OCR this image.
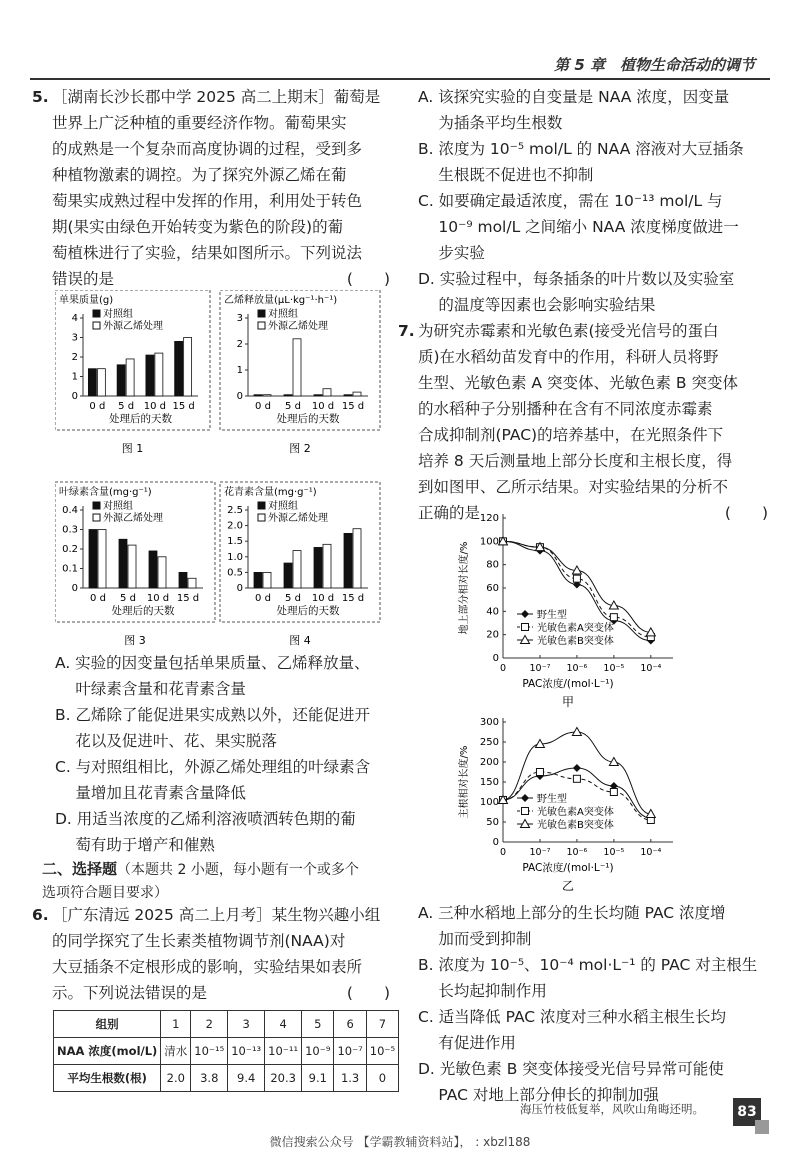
第 5 章　植物生命活动的调节
5. ［湖南长沙长郡中学 2025 高二上期末］葡萄是
世界上广泛种植的重要经济作物。葡萄果实
的成熟是一个复杂而高度协调的过程，受到多
种植物激素的调控。为了探究外源乙烯在葡
萄果实成熟过程中发挥的作用，利用处于转色
期(果实由绿色开始转变为紫色的阶段)的葡
萄植株进行了实验，结果如图所示。下列说法
错误的是	(　　)
单果质量(g)
0
1
2
3
4
0 d 5 d 10 d 15 d
处理后的天数
对照组
外源乙烯处理
图 1
乙烯释放量(μL·kg⁻¹·h⁻¹)
0
1
2
3
0 d 5 d 10 d 15 d
处理后的天数
对照组
外源乙烯处理
图 2
叶绿素含量(mg·g⁻¹)
0
0.1
0.2
0.3
0.4
0 d 5 d 10 d 15 d
处理后的天数
对照组
外源乙烯处理
图 3
花青素含量(mg·g⁻¹)
0
0.5
1.0
1.5
2.0
2.5
0 d 5 d 10 d 15 d
处理后的天数
对照组
外源乙烯处理
图 4
A. 实验的因变量包括单果质量、乙烯释放量、
　 叶绿素含量和花青素含量
B. 乙烯除了能促进果实成熟以外，还能促进开
　 花以及促进叶、花、果实脱落
C. 与对照组相比，外源乙烯处理组的叶绿素含
　 量增加且花青素含量降低
D. 用适当浓度的乙烯利溶液喷洒转色期的葡
　 萄有助于增产和催熟
二、选择题（本题共 2 小题，每小题有一个或多个
选项符合题目要求）
6. ［广东清远 2025 高二上月考］某生物兴趣小组
的同学探究了生长素类植物调节剂(NAA)对
大豆插条不定根形成的影响，实验结果如表所
示。下列说法错误的是	(　　)
组别	1	2	3	4	5	6	7
NAA 浓度(mol/L)	清水	10⁻¹⁵	10⁻¹³	10⁻¹¹	10⁻⁹	10⁻⁷	10⁻⁵
平均生根数(根)	2.0	3.8	9.4	20.3	9.1	1.3	0
A. 该探究实验的自变量是 NAA 浓度，因变量
　 为插条平均生根数
B. 浓度为 10⁻⁵ mol/L 的 NAA 溶液对大豆插条
　 生根既不促进也不抑制
C. 如要确定最适浓度，需在 10⁻¹³ mol/L 与
　 10⁻⁹ mol/L 之间缩小 NAA 浓度梯度做进一
　 步实验
D. 实验过程中，每条插条的叶片数以及实验室
　 的温度等因素也会影响实验结果
7. 为研究赤霉素和光敏色素(接受光信号的蛋白
质)在水稻幼苗发育中的作用，科研人员将野
生型、光敏色素 A 突变体、光敏色素 B 突变体
的水稻种子分别播种在含有不同浓度赤霉素
合成抑制剂(PAC)的培养基中，在光照条件下
培养 8 天后测量地上部分长度和主根长度，得
到如图甲、乙所示结果。对实验结果的分析不
正确的是	(　　)
0
20
40
60
80
100
120
地上部分相对长度/%
0 10⁻⁷ 10⁻⁶ 10⁻⁵ 10⁻⁴
PAC浓度/(mol·L⁻¹)
野生型
光敏色素A突变体
光敏色素B突变体
甲
0
50
100
150
200
250
300
主根相对长度/%
0 10⁻⁷ 10⁻⁶ 10⁻⁵ 10⁻⁴
PAC浓度/(mol·L⁻¹)
野生型
光敏色素A突变体
光敏色素B突变体
乙
A. 三种水稻地上部分的生长均随 PAC 浓度增
　 加而受到抑制
B. 浓度为 10⁻⁵、10⁻⁴ mol·L⁻¹ 的 PAC 对主根生
　 长均起抑制作用
C. 适当降低 PAC 浓度对三种水稻主根生长均
　 有促进作用
D. 光敏色素 B 突变体接受光信号异常可能使
　 PAC 对地上部分伸长的抑制加强
海压竹枝低复举，风吹山角晦还明。	83
微信搜索公众号 【学霸教辅资料站】， : xbzl188
